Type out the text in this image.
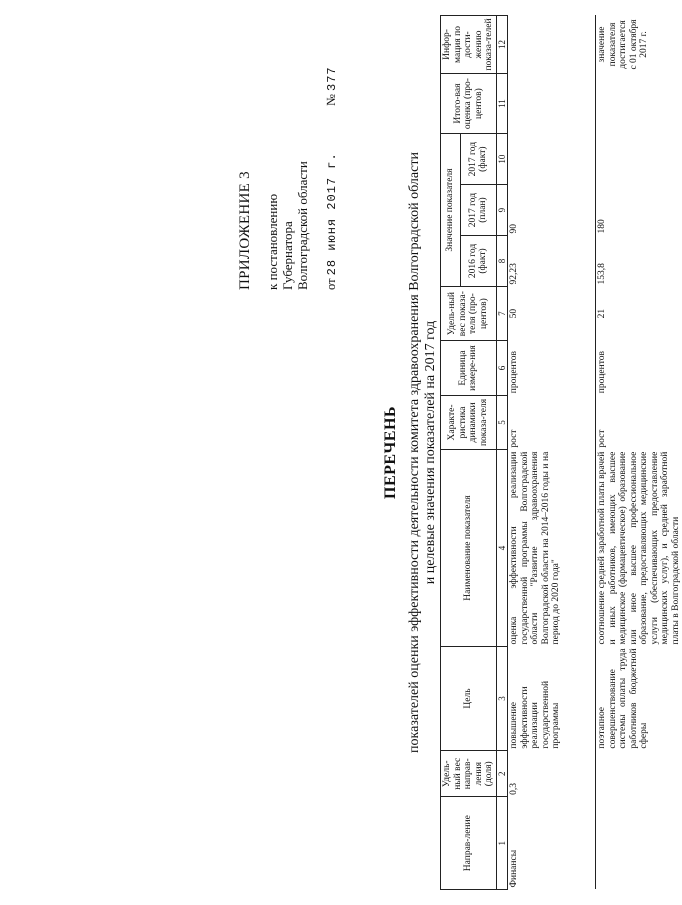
ПРИЛОЖЕНИЕ 3 к постановлению Губернатора Волгоградской области от 28 июня 2017 г.  № 377
ПЕРЕЧЕНЬ показателей оценки эффективности деятельности комитета здравоохранения Волгоградской области
и целевые значения показателей на 2017 год
Направ-ление	Удель-ный вес направ-ления (доля)	Цель	Наименование показателя	Характе-ристика динамики показа-теля	Единица измере-ния	Удель-ный вес показа-теля (про-центов)	Значение показателя			Итого-вая оценка (про-центов)	Инфор-мация по дости-жению показа-телей
							2016 год (факт)	2017 год (план)	2017 год (факт)		
1	2	3	4	5	6	7	8	9	10	11	12
Финансы	0,3	повышение эффективности реализации государственной программы	оценка эффективности реализации государственной программы Волгоградской области "Развитие здравоохранения Волгоградской области на 2014–2016 годы и на период до 2020 года"	рост	процентов	50	92,23	90			
		поэтапное совершенствование системы оплаты труда работников бюджетной сферы	соотношение средней заработной платы врачей и иных работников, имеющих высшее медицинское (фармацевтическое) образование или иное высшее профессиональное образование, предоставляющих медицинские услуги (обеспечивающих предоставление медицинских услуг), и средней заработной платы в Волгоградской области	рост	процентов	21	153,8	180			значение показателя достигается с 01 октября 2017 г.
